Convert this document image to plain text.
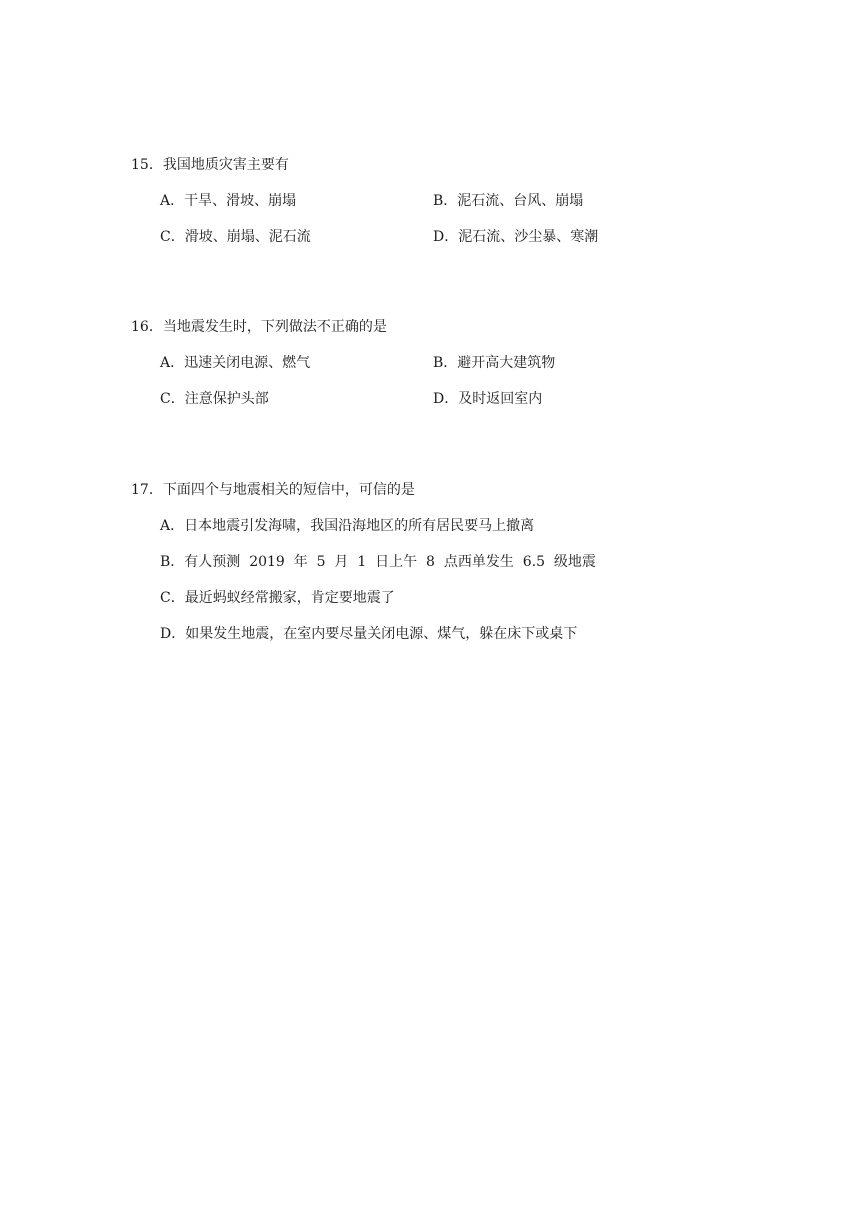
15．我国地质灾害主要有
A．干旱、滑坡、崩塌	B．泥石流、台风、崩塌
C．滑坡、崩塌、泥石流	D．泥石流、沙尘暴、寒潮
16．当地震发生时，下列做法不正确的是
A．迅速关闭电源、燃气	B．避开高大建筑物
C．注意保护头部	D．及时返回室内
17．下面四个与地震相关的短信中，可信的是
A．日本地震引发海啸，我国沿海地区的所有居民要马上撤离
B．有人预测  2019  年  5  月  1  日上午  8  点西单发生  6.5  级地震
C．最近蚂蚁经常搬家，肯定要地震了
D．如果发生地震，在室内要尽量关闭电源、煤气，躲在床下或桌下
